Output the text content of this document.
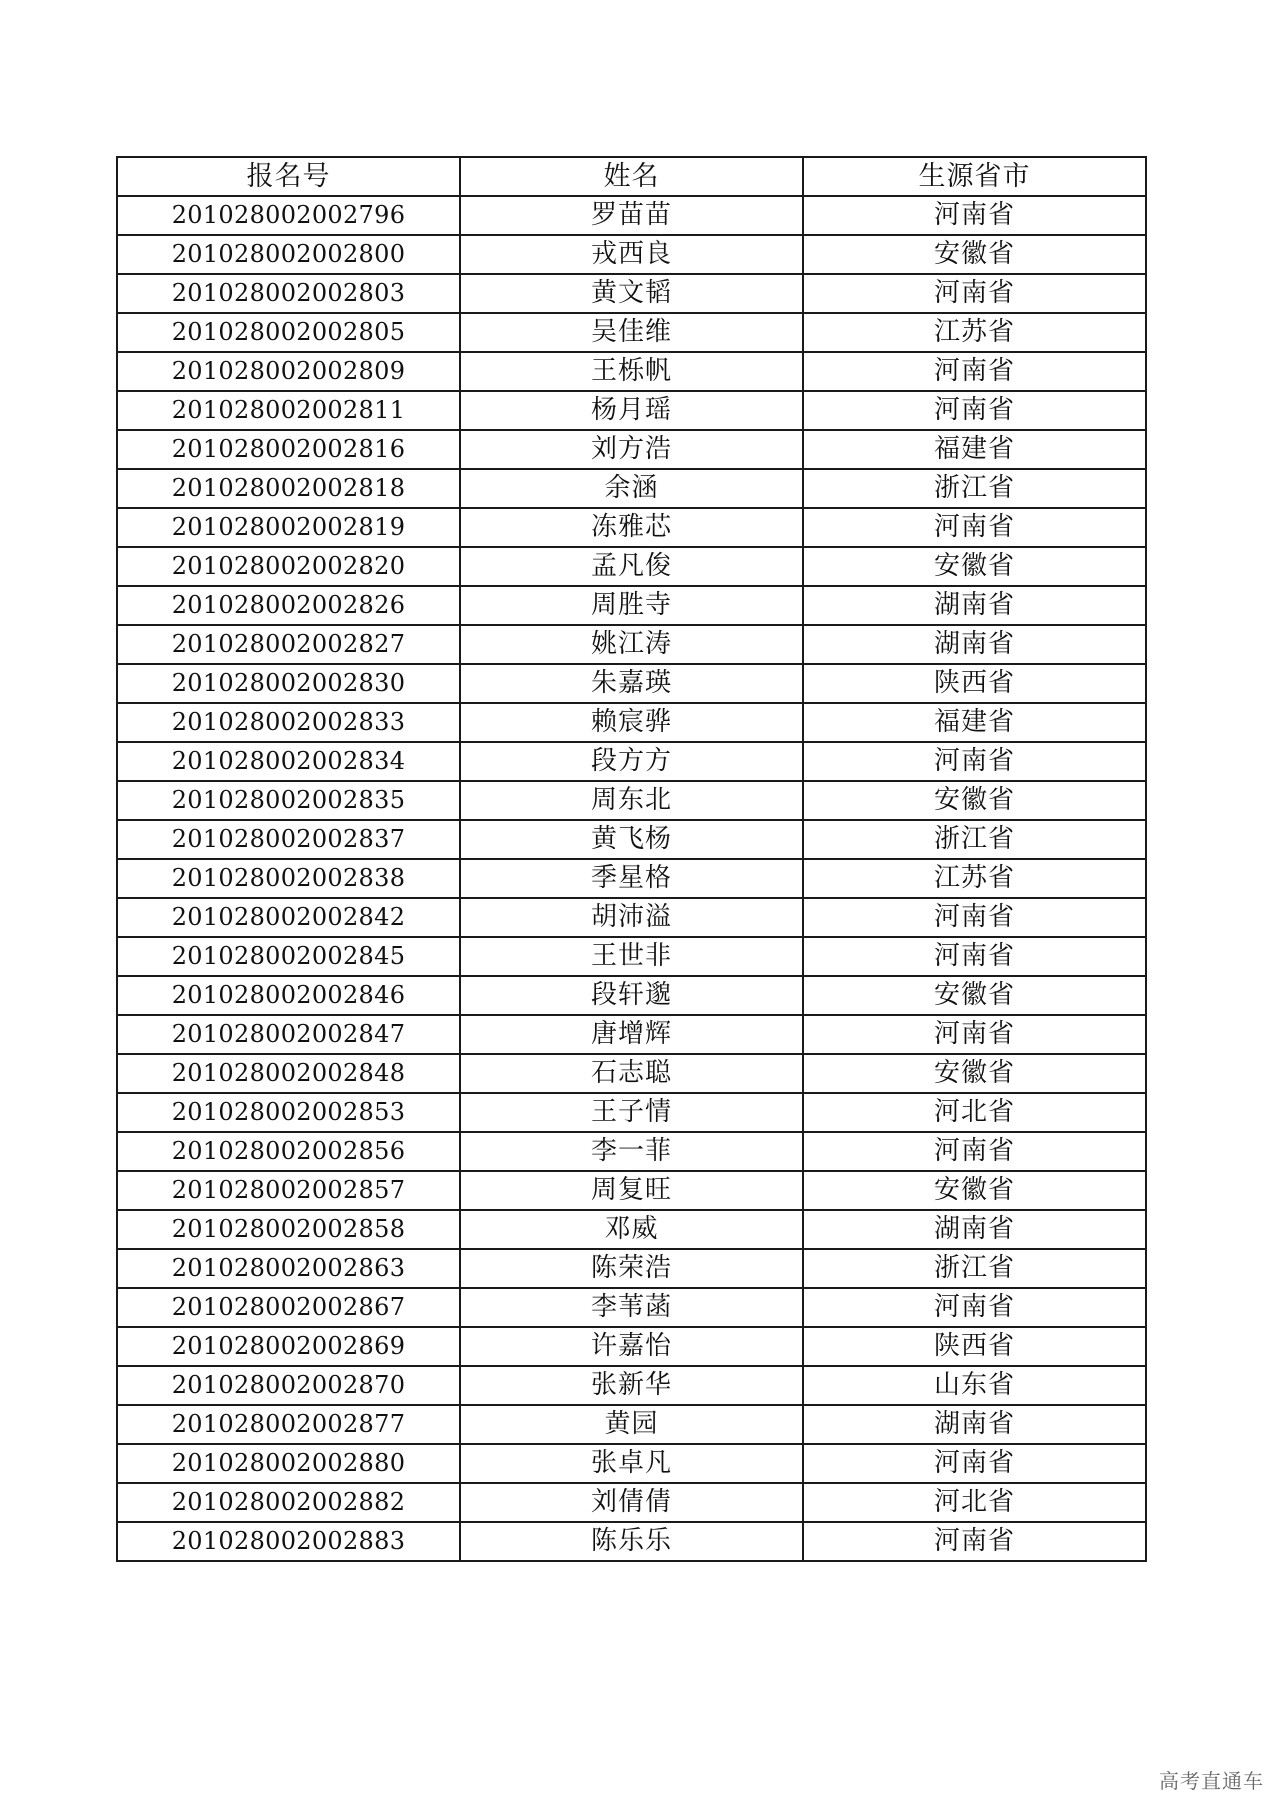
报名号	姓名	生源省市
201028002002796	罗苗苗	河南省
201028002002800	戎西良	安徽省
201028002002803	黄文韬	河南省
201028002002805	吴佳维	江苏省
201028002002809	王栎帆	河南省
201028002002811	杨月瑶	河南省
201028002002816	刘方浩	福建省
201028002002818	余涵	浙江省
201028002002819	冻雅芯	河南省
201028002002820	孟凡俊	安徽省
201028002002826	周胜寺	湖南省
201028002002827	姚江涛	湖南省
201028002002830	朱嘉瑛	陕西省
201028002002833	赖宸骅	福建省
201028002002834	段方方	河南省
201028002002835	周东北	安徽省
201028002002837	黄飞杨	浙江省
201028002002838	季星格	江苏省
201028002002842	胡沛溢	河南省
201028002002845	王世非	河南省
201028002002846	段轩邈	安徽省
201028002002847	唐增辉	河南省
201028002002848	石志聪	安徽省
201028002002853	王子情	河北省
201028002002856	李一菲	河南省
201028002002857	周复旺	安徽省
201028002002858	邓威	湖南省
201028002002863	陈荣浩	浙江省
201028002002867	李苇菡	河南省
201028002002869	许嘉怡	陕西省
201028002002870	张新华	山东省
201028002002877	黄园	湖南省
201028002002880	张卓凡	河南省
201028002002882	刘倩倩	河北省
201028002002883	陈乐乐	河南省
高考直通车
